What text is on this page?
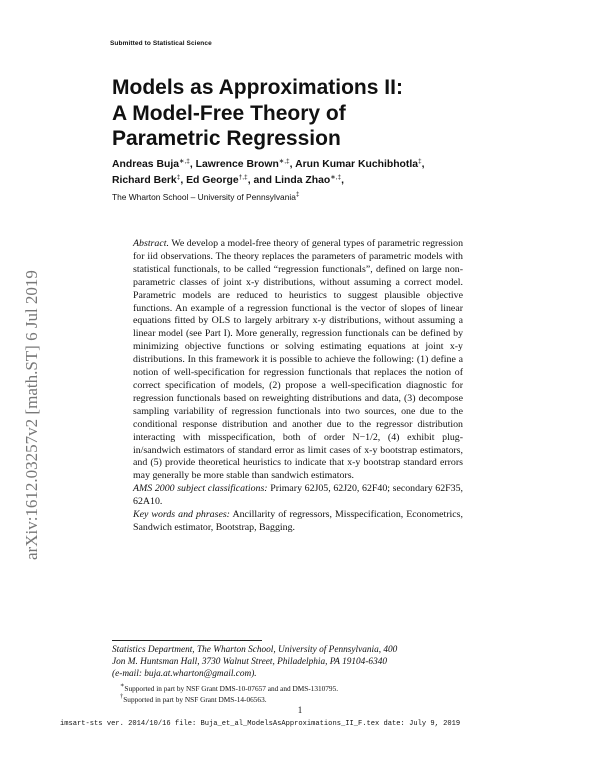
Submitted to Statistical Science
Models as Approximations II:
A Model-Free Theory of
Parametric Regression
Andreas Buja∗,‡, Lawrence Brown∗,‡, Arun Kumar Kuchibhotla‡,
Richard Berk‡, Ed George†,‡, and Linda Zhao∗,‡,
The Wharton School – University of Pennsylvania‡
arXiv:1612.03257v2 [math.ST] 6 Jul 2019

Abstract. We develop a model-free theory of general types of parametric regression for iid observations. The theory replaces the parameters of parametric models with statistical functionals, to be called “regression functionals”, defined on large non-parametric classes of joint x-y distributions, without assuming a correct model. Parametric models are reduced to heuristics to suggest plausible objective functions. An example of a regression functional is the vector of slopes of linear equations fitted by OLS to largely arbitrary x-y distributions, without assuming a linear model (see Part I). More generally, regression functionals can be defined by minimizing objective functions or solving estimating equations at joint x-y distributions. In this framework it is possible to achieve the following: (1) define a notion of well-specification for regression functionals that replaces the notion of correct specification of models, (2) propose a well-specification diagnostic for regression functionals based on reweighting distributions and data, (3) decompose sampling variability of regression functionals into two sources, one due to the conditional response distribution and another due to the regressor distribution interacting with misspecification, both of order N−1/2, (4) exhibit plug-in/sandwich estimators of standard error as limit cases of x-y bootstrap estimators, and (5) provide theoretical heuristics to indicate that x-y bootstrap standard errors may generally be more stable than sandwich estimators.

AMS 2000 subject classifications: Primary 62J05, 62J20, 62F40; secondary 62F35, 62A10.

Key words and phrases: Ancillarity of regressors, Misspecification, Econometrics, Sandwich estimator, Bootstrap, Bagging.

Statistics Department, The Wharton School, University of Pennsylvania, 400
Jon M. Huntsman Hall, 3730 Walnut Street, Philadelphia, PA 19104-6340
(e-mail: buja.at.wharton@gmail.com).
∗Supported in part by NSF Grant DMS-10-07657 and and DMS-1310795.
†Supported in part by NSF Grant DMS-14-06563.
1
imsart-sts ver. 2014/10/16 file: Buja_et_al_ModelsAsApproximations_II_F.tex date: July 9, 2019
